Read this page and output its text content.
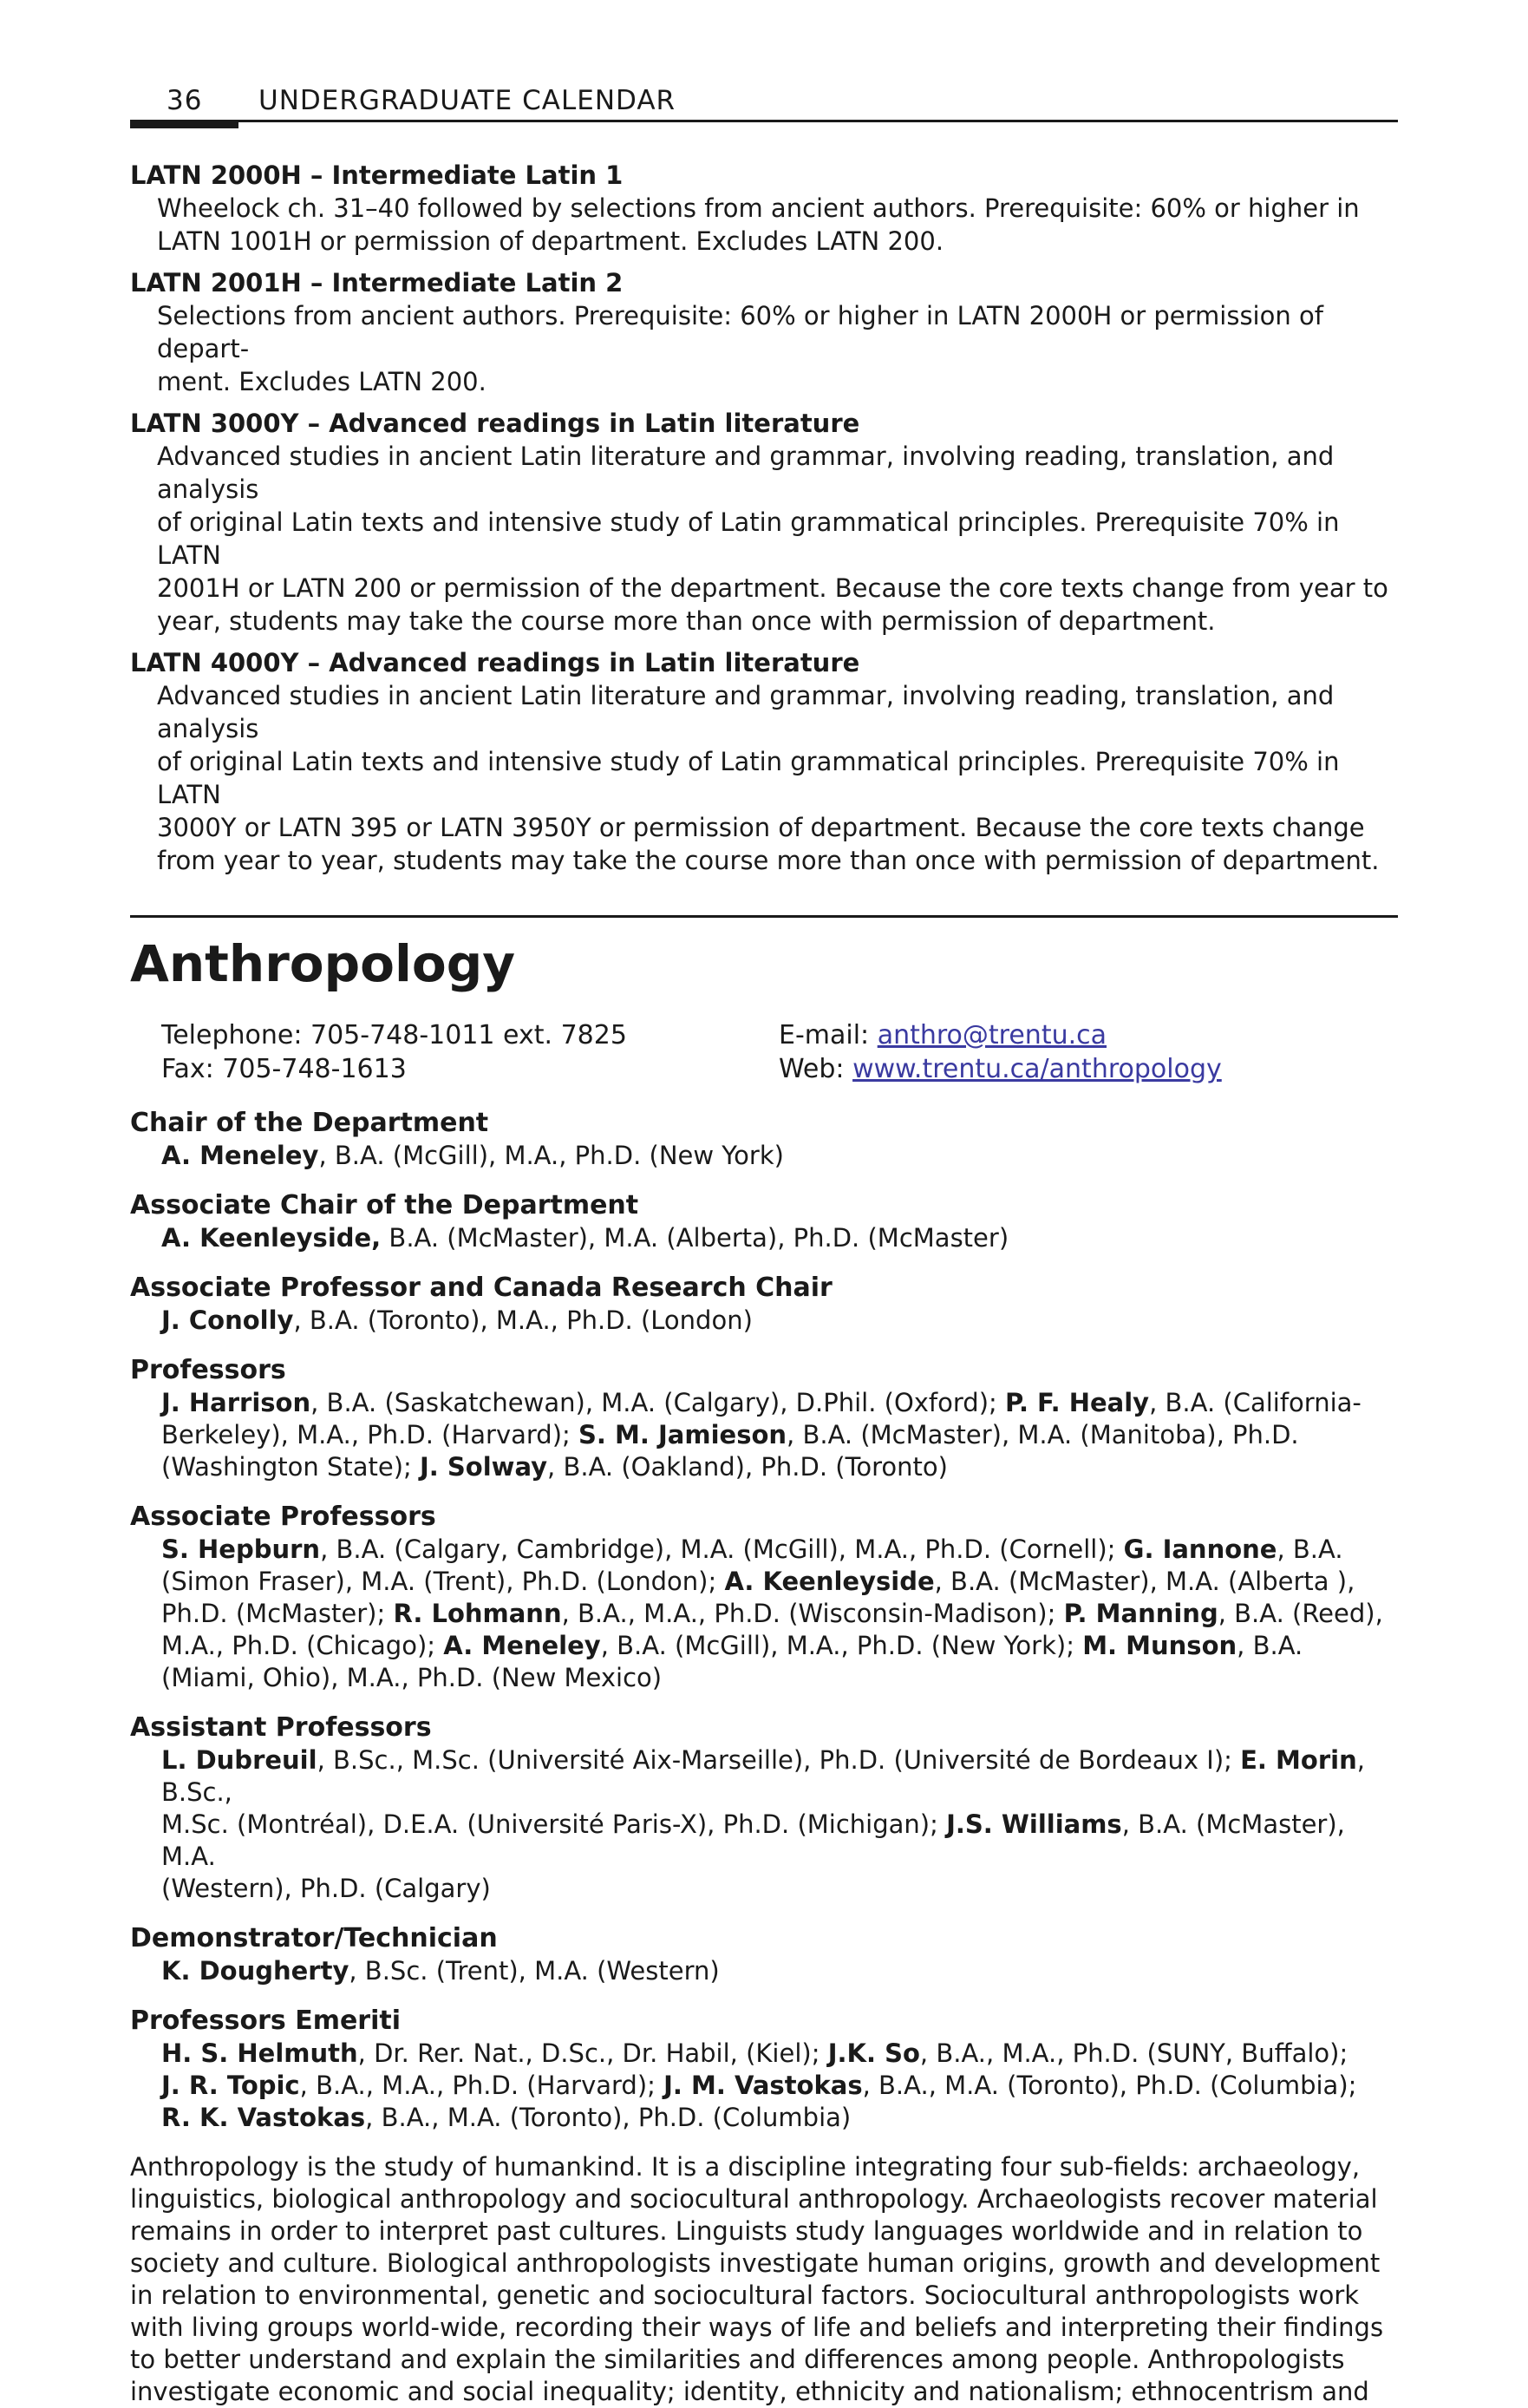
36 UNDERGRADUATE CALENDAR
LATN 2000H – Intermediate Latin 1
Wheelock ch. 31–40 followed by selections from ancient authors. Prerequisite: 60% or higher in
LATN 1001H or permission of department. Excludes LATN 200.
LATN 2001H – Intermediate Latin 2
Selections from ancient authors. Prerequisite: 60% or higher in LATN 2000H or permission of depart-
ment. Excludes LATN 200.
LATN 3000Y – Advanced readings in Latin literature
Advanced studies in ancient Latin literature and grammar, involving reading, translation, and analysis
of original Latin texts and intensive study of Latin grammatical principles. Prerequisite 70% in LATN
2001H or LATN 200 or permission of the department. Because the core texts change from year to
year, students may take the course more than once with permission of department.
LATN 4000Y – Advanced readings in Latin literature
Advanced studies in ancient Latin literature and grammar, involving reading, translation, and analysis
of original Latin texts and intensive study of Latin grammatical principles. Prerequisite 70% in LATN
3000Y or LATN 395 or LATN 3950Y or permission of department. Because the core texts change
from year to year, students may take the course more than once with permission of department.
Anthropology
Telephone: 705-748-1011 ext. 7825
Fax: 705-748-1613
E-mail: anthro@trentu.ca
Web: www.trentu.ca/anthropology
Chair of the Department
A. Meneley, B.A. (McGill), M.A., Ph.D. (New York)
Associate Chair of the Department
A. Keenleyside, B.A. (McMaster), M.A. (Alberta), Ph.D. (McMaster)
Associate Professor and Canada Research Chair
J. Conolly, B.A. (Toronto), M.A., Ph.D. (London)
Professors
J. Harrison, B.A. (Saskatchewan), M.A. (Calgary), D.Phil. (Oxford); P. F. Healy, B.A. (California-
Berkeley), M.A., Ph.D. (Harvard); S. M. Jamieson, B.A. (McMaster), M.A. (Manitoba), Ph.D.
(Washington State); J. Solway, B.A. (Oakland), Ph.D. (Toronto)
Associate Professors
S. Hepburn, B.A. (Calgary, Cambridge), M.A. (McGill), M.A., Ph.D. (Cornell); G. Iannone, B.A.
(Simon Fraser), M.A. (Trent), Ph.D. (London); A. Keenleyside, B.A. (McMaster), M.A. (Alberta ),
Ph.D. (McMaster); R. Lohmann, B.A., M.A., Ph.D. (Wisconsin-Madison); P. Manning, B.A. (Reed),
M.A., Ph.D. (Chicago); A. Meneley, B.A. (McGill), M.A., Ph.D. (New York); M. Munson, B.A.
(Miami, Ohio), M.A., Ph.D. (New Mexico)
Assistant Professors
L. Dubreuil, B.Sc., M.Sc. (Université Aix-Marseille), Ph.D. (Université de Bordeaux I); E. Morin, B.Sc.,
M.Sc. (Montréal), D.E.A. (Université Paris-X), Ph.D. (Michigan); J.S. Williams, B.A. (McMaster), M.A.
(Western), Ph.D. (Calgary)
Demonstrator/Technician
K. Dougherty, B.Sc. (Trent), M.A. (Western)
Professors Emeriti
H. S. Helmuth, Dr. Rer. Nat., D.Sc., Dr. Habil, (Kiel); J.K. So, B.A., M.A., Ph.D. (SUNY, Buffalo);
J. R. Topic, B.A., M.A., Ph.D. (Harvard); J. M. Vastokas, B.A., M.A. (Toronto), Ph.D. (Columbia);
R. K. Vastokas, B.A., M.A. (Toronto), Ph.D. (Columbia)
Anthropology is the study of humankind. It is a discipline integrating four sub-fields: archaeology,
linguistics, biological anthropology and sociocultural anthropology. Archaeologists recover material
remains in order to interpret past cultures. Linguists study languages worldwide and in relation to
society and culture. Biological anthropologists investigate human origins, growth and development
in relation to environmental, genetic and sociocultural factors. Sociocultural anthropologists work
with living groups world-wide, recording their ways of life and beliefs and interpreting their findings
to better understand and explain the similarities and differences among people. Anthropologists
investigate economic and social inequality; identity, ethnicity and nationalism; ethnocentrism and
